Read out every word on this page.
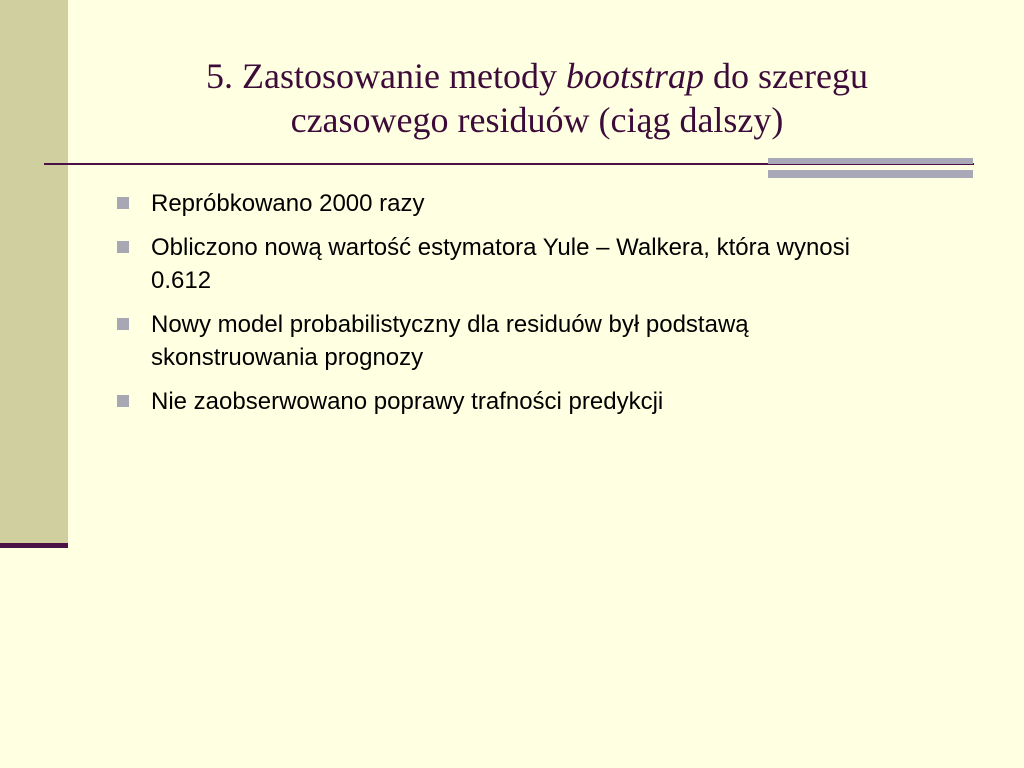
5. Zastosowanie metody bootstrap do szeregu
czasowego residuów (ciąg dalszy)
Repróbkowano 2000 razy
Obliczono nową wartość estymatora Yule – Walkera, która wynosi 0.612
Nowy model probabilistyczny dla residuów był podstawą skonstruowania prognozy
Nie zaobserwowano poprawy trafności predykcji
